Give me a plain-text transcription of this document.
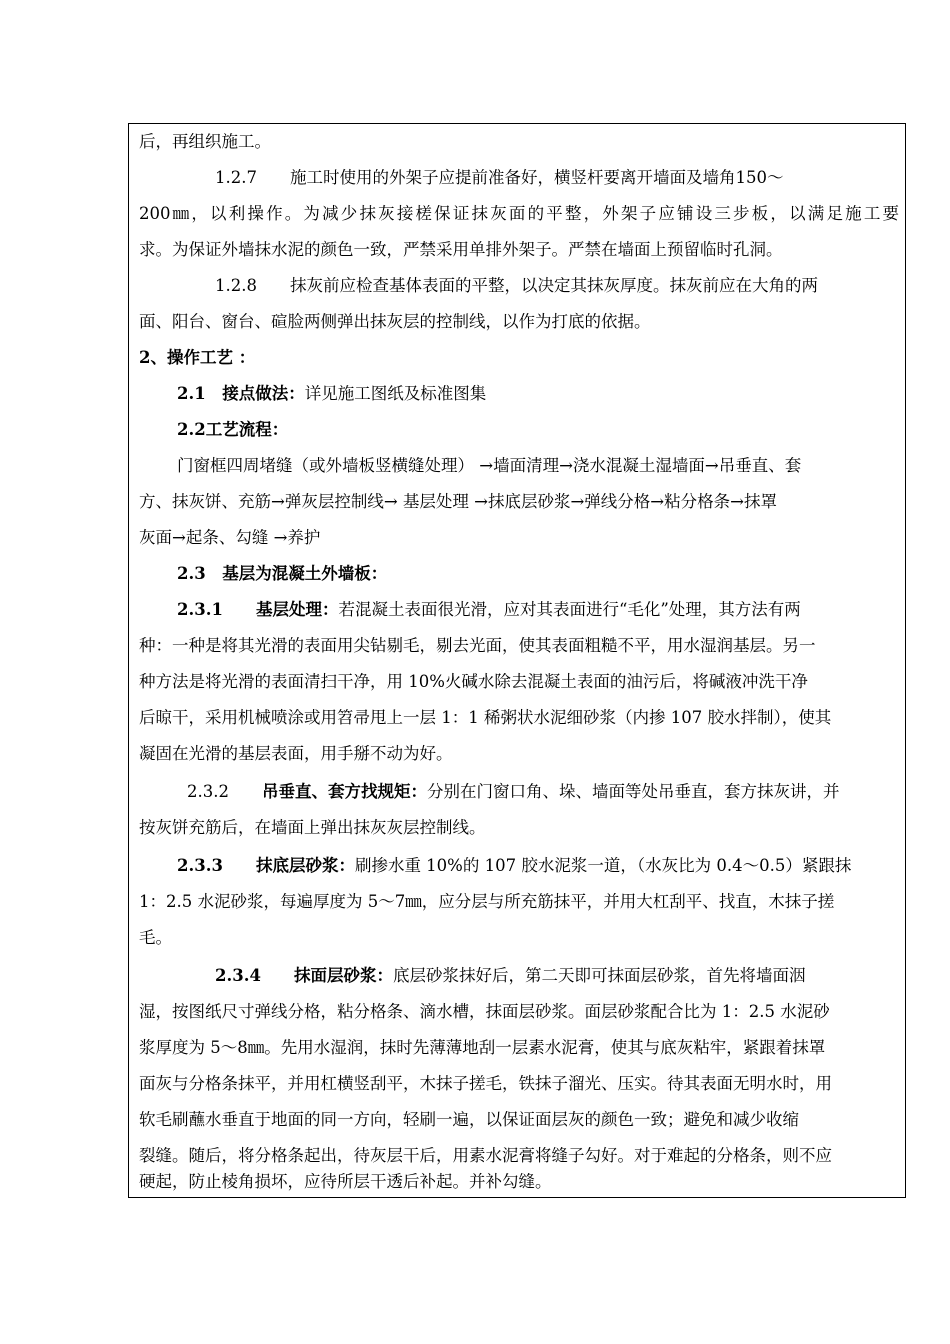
后，再组织施工。
1.2.7　　施工时使用的外架子应提前准备好，横竖杆要离开墙面及墙角150～
200㎜，以利操作。为减少抹灰接槎保证抹灰面的平整，外架子应铺设三步板，以满足施工要
求。为保证外墙抹水泥的颜色一致，严禁采用单排外架子。严禁在墙面上预留临时孔洞。
1.2.8　　抹灰前应检查基体表面的平整，以决定其抹灰厚度。抹灰前应在大角的两
面、阳台、窗台、碹脸两侧弹出抹灰层的控制线，以作为打底的依据。
2、操作工艺 ：
2.1　接点做法：详见施工图纸及标准图集
2.2工艺流程：
门窗框四周堵缝（或外墙板竖横缝处理） →墙面清理→浇水混凝土湿墙面→吊垂直、套
方、抹灰饼、充筋→弹灰层控制线→ 基层处理 →抹底层砂浆→弹线分格→粘分格条→抹罩
灰面→起条、勾缝 →养护
2.3　基层为混凝土外墙板：
2.3.1　　基层处理：若混凝土表面很光滑，应对其表面进行“毛化”处理，其方法有两
种：一种是将其光滑的表面用尖钻剔毛，剔去光面，使其表面粗糙不平，用水湿润基层。另一
种方法是将光滑的表面清扫干净，用 10%火碱水除去混凝土表面的油污后，将碱液冲洗干净
后晾干，采用机械喷涂或用笤帚甩上一层 1：1 稀粥状水泥细砂浆（内掺 107 胶水拌制），使其
凝固在光滑的基层表面，用手掰不动为好。
2.3.2　　吊垂直、套方找规矩：分别在门窗口角、垛、墙面等处吊垂直，套方抹灰讲，并
按灰饼充筋后，在墙面上弹出抹灰灰层控制线。
2.3.3　　抹底层砂浆：刷掺水重 10%的 107 胶水泥浆一道，（水灰比为 0.4～0.5）紧跟抹
1：2.5 水泥砂浆，每遍厚度为 5～7㎜，应分层与所充筋抹平，并用大杠刮平、找直，木抹子搓
毛。
2.3.4　　抹面层砂浆：底层砂浆抹好后，第二天即可抹面层砂浆，首先将墙面洇
湿，按图纸尺寸弹线分格，粘分格条、滴水槽，抹面层砂浆。面层砂浆配合比为 1：2.5 水泥砂
浆厚度为 5～8㎜。先用水湿润，抹时先薄薄地刮一层素水泥膏，使其与底灰粘牢，紧跟着抹罩
面灰与分格条抹平，并用杠横竖刮平，木抹子搓毛，铁抹子溜光、压实。待其表面无明水时，用
软毛刷蘸水垂直于地面的同一方向，轻刷一遍，以保证面层灰的颜色一致；避免和减少收缩
裂缝。随后，将分格条起出，待灰层干后，用素水泥膏将缝子勾好。对于难起的分格条，则不应
硬起，防止棱角损坏，应待所层干透后补起。并补勾缝。
